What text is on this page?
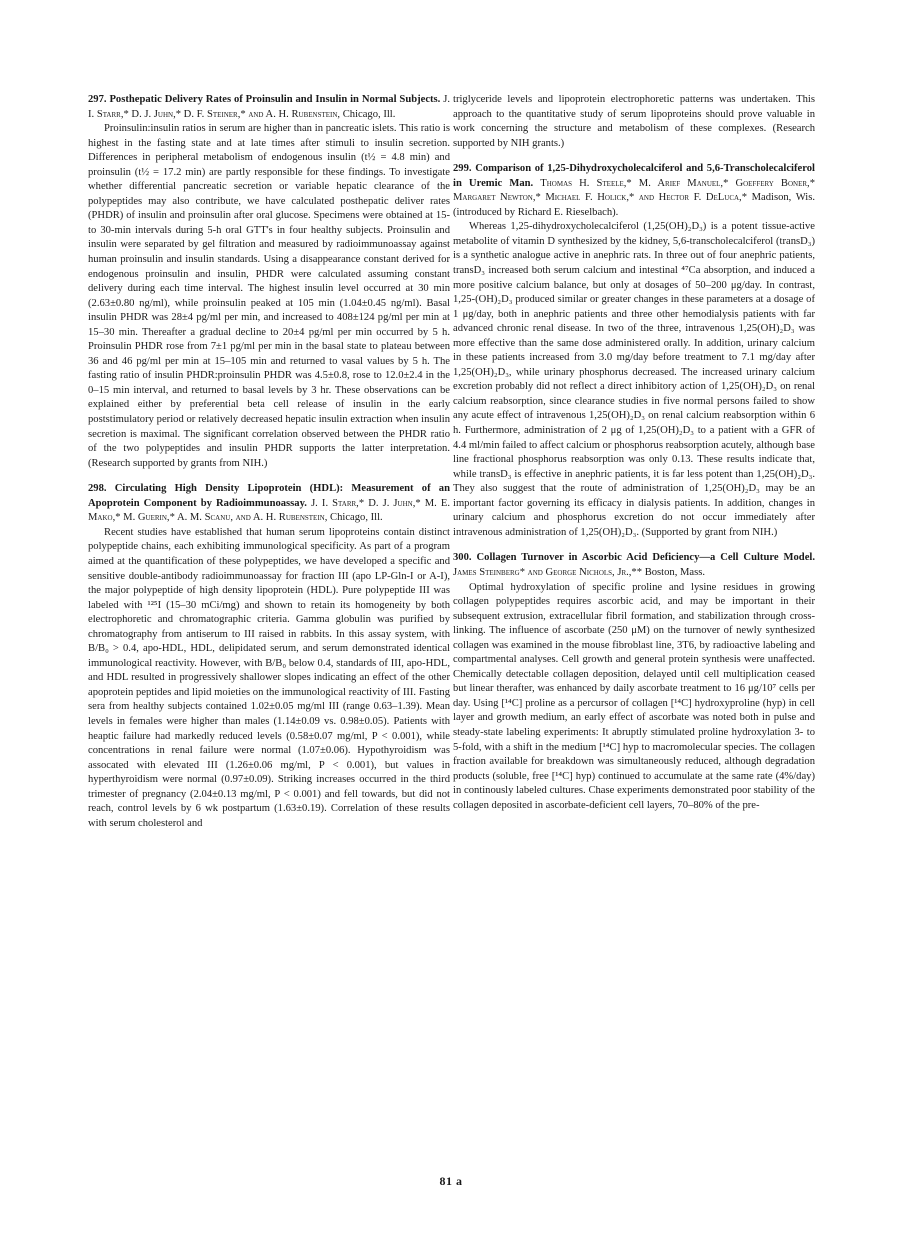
297. Posthepatic Delivery Rates of Proinsulin and Insulin in Normal Subjects. J. I. Starr,* D. J. Juhn,* D. F. Steiner,* and A. H. Rubenstein, Chicago, Ill.

Proinsulin:insulin ratios in serum are higher than in pancreatic islets. This ratio is highest in the fasting state and at late times after stimuli to insulin secretion. Differences in peripheral metabolism of endogenous insulin (t½ = 4.8 min) and proinsulin (t½ = 17.2 min) are partly responsible for these findings. To investigate whether differential pancreatic secretion or variable hepatic clearance of the polypeptides may also contribute, we have calculated posthepatic deliver rates (PHDR) of insulin and proinsulin after oral glucose. Specimens were obtained at 15- to 30-min intervals during 5-h oral GTT's in four healthy subjects. Proinsulin and insulin were separated by gel filtration and measured by radioimmunoassay against human proinsulin and insulin standards. Using a disappearance constant derived for endogenous proinsulin and insulin, PHDR were calculated assuming constant delivery during each time interval. The highest insulin level occurred at 30 min (2.63±0.80 ng/ml), while proinsulin peaked at 105 min (1.04±0.45 ng/ml). Basal insulin PHDR was 28±4 pg/ml per min, and increased to 408±124 pg/ml per min at 15–30 min. Thereafter a gradual decline to 20±4 pg/ml per min occurred by 5 h. Proinsulin PHDR rose from 7±1 pg/ml per min in the basal state to plateau between 36 and 46 pg/ml per min at 15–105 min and returned to vasal values by 5 h. The fasting ratio of insulin PHDR:proinsulin PHDR was 4.5±0.8, rose to 12.0±2.4 in the 0–15 min interval, and returned to basal levels by 3 hr. These observations can be explained either by preferential beta cell release of insulin in the early poststimulatory period or relatively decreased hepatic insulin extraction when insulin secretion is maximal. The significant correlation observed between the PHDR ratio of the two polypeptides and insulin PHDR supports the latter interpretation. (Research supported by grants from NIH.)

298. Circulating High Density Lipoprotein (HDL): Measurement of an Apoprotein Component by Radioimmunoassay. J. I. Starr,* D. J. Juhn,* M. E. Mako,* M. Guerin,* A. M. Scanu, and A. H. Rubenstein, Chicago, Ill.

Recent studies have established that human serum lipoproteins contain distinct polypeptide chains, each exhibiting immunological specificity. As part of a program aimed at the quantification of these polypeptides, we have developed a specific and sensitive double-antibody radioimmunoassay for fraction III (apo LP-Gln-I or A-I), the major polypeptide of high density lipoprotein (HDL). Pure polypeptide III was labeled with ¹²⁵I (15–30 mCi/mg) and shown to retain its homogeneity by both electrophoretic and chromatographic criteria. Gamma globulin was purified by chromatography from antiserum to III raised in rabbits. In this assay system, with B/B₀ > 0.4, apo-HDL, HDL, delipidated serum, and serum demonstrated identical immunological reactivity. However, with B/B₀ below 0.4, standards of III, apo-HDL, and HDL resulted in progressively shallower slopes indicating an effect of the other apoprotein peptides and lipid moieties on the immunological reactivity of III. Fasting sera from healthy subjects contained 1.02±0.05 mg/ml III (range 0.63–1.39). Mean levels in females were higher than males (1.14±0.09 vs. 0.98±0.05). Patients with heaptic failure had markedly reduced levels (0.58±0.07 mg/ml, P < 0.001), while concentrations in renal failure were normal (1.07±0.06). Hypothyroidism was assocated with elevated III (1.26±0.06 mg/ml, P < 0.001), but values in hyperthyroidism were normal (0.97±0.09). Striking increases occurred in the third trimester of pregnancy (2.04±0.13 mg/ml, P < 0.001) and fell towards, but did not reach, control levels by 6 wk postpartum (1.63±0.19). Correlation of these results with serum cholesterol and

triglyceride levels and lipoprotein electrophoretic patterns was undertaken. This approach to the quantitative study of serum lipoproteins should prove valuable in work concerning the structure and metabolism of these complexes. (Research supported by NIH grants.)

299. Comparison of 1,25-Dihydroxycholecalciferol and 5,6-Transcholecalciferol in Uremic Man. Thomas H. Steele,* M. Arief Manuel,* Goeffery Boner,* Margaret Newton,* Michael F. Holick,* and Hector F. DeLuca,* Madison, Wis. (introduced by Richard E. Rieselbach).

Whereas 1,25-dihydroxycholecalciferol (1,25(OH)₂D₃) is a potent tissue-active metabolite of vitamin D synthesized by the kidney, 5,6-transcholecalciferol (transD₃) is a synthetic analogue active in anephric rats. In three out of four anephric patients, transD₃ increased both serum calcium and intestinal ⁴⁷Ca absorption, and induced a more positive calcium balance, but only at dosages of 50–200 μg/day. In contrast, 1,25-(OH)₂D₃ produced similar or greater changes in these parameters at a dosage of 1 μg/day, both in anephric patients and three other hemodialysis patients with far advanced chronic renal disease. In two of the three, intravenous 1,25(OH)₂D₃ was more effective than the same dose administered orally. In addition, urinary calcium in these patients increased from 3.0 mg/day before treatment to 7.1 mg/day after 1,25(OH)₂D₃, while urinary phosphorus decreased. The increased urinary calcium excretion probably did not reflect a direct inhibitory action of 1,25(OH)₂D₃ on renal calcium reabsorption, since clearance studies in five normal persons failed to show any acute effect of intravenous 1,25(OH)₂D₃ on renal calcium reabsorption within 6 h. Furthermore, administration of 2 μg of 1,25(OH)₂D₃ to a patient with a GFR of 4.4 ml/min failed to affect calcium or phosphorus reabsorption acutely, although base line fractional phosphorus reabsorption was only 0.13. These results indicate that, while transD₃ is effective in anephric patients, it is far less potent than 1,25(OH)₂D₃. They also suggest that the route of administration of 1,25(OH)₂D₃ may be an important factor governing its efficacy in dialysis patients. In addition, changes in urinary calcium and phosphorus excretion do not occur immediately after intravenous administration of 1,25(OH)₂D₃. (Supported by grant from NIH.)

300. Collagen Turnover in Ascorbic Acid Deficiency—a Cell Culture Model. James Steinberg* and George Nichols, Jr.,** Boston, Mass.

Optimal hydroxylation of specific proline and lysine residues in growing collagen polypeptides requires ascorbic acid, and may be important in their subsequent extrusion, extracellular fibril formation, and stabilization through cross-linking. The influence of ascorbate (250 μM) on the turnover of newly synthesized collagen was examined in the mouse fibroblast line, 3T6, by radioactive labeling and compartmental analyses. Cell growth and general protein synthesis were unaffected. Chemically detectable collagen deposition, delayed until cell multiplication ceased but linear therafter, was enhanced by daily ascorbate treatment to 16 μg/10⁷ cells per day. Using [¹⁴C] proline as a percursor of collagen [¹⁴C] hydroxyproline (hyp) in cell layer and growth medium, an early effect of ascorbate was noted both in pulse and steady-state labeling experiments: It abruptly stimulated proline hydroxylation 3- to 5-fold, with a shift in the medium [¹⁴C] hyp to macromolecular species. The collagen fraction available for breakdown was simultaneously reduced, although degradation products (soluble, free [¹⁴C] hyp) continued to accumulate at the same rate (4%/day) in continously labeled cultures. Chase experiments demonstrated poor stability of the collagen deposited in ascorbate-deficient cell layers, 70–80% of the pre-

81 a
